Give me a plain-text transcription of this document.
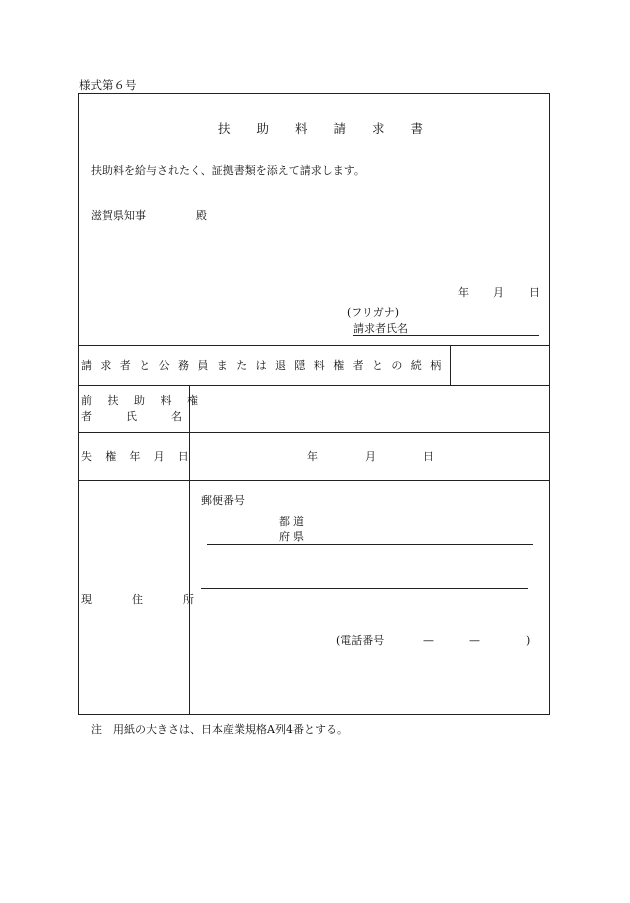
様式第６号
扶助料請求書
扶助料を給与されたく、証拠書類を添えて請求します。
滋賀県知事	殿
年 月 日
(フリガナ)
請求者氏名
請求者と公務員または退隠料権者との続柄
前扶助料権
者氏名
失権年月日	年	月	日
現住所
郵便番号
都道
府県
(電話番号	—	—	)
注　用紙の大きさは、日本産業規格A列4番とする。
